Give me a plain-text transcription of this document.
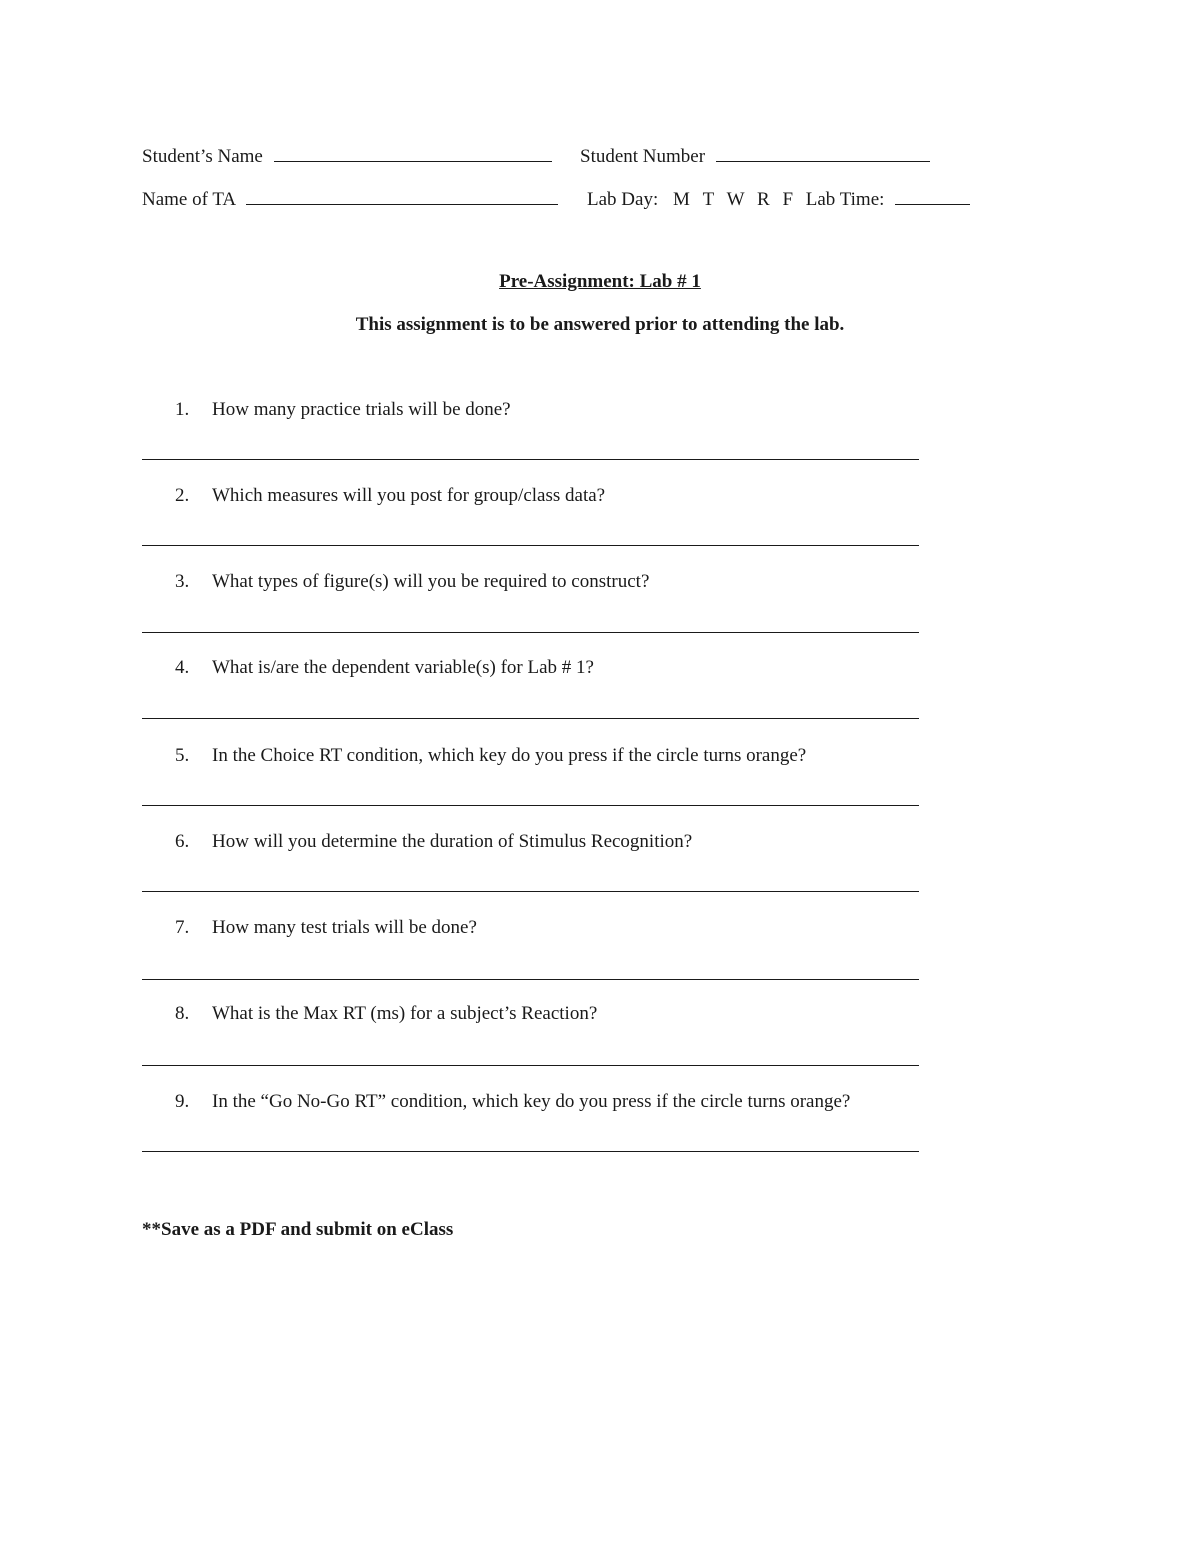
Student’s Name	Student Number
Name of TA	Lab Day: M T W R F Lab Time:
Pre-Assignment: Lab # 1
This assignment is to be answered prior to attending the lab.
1. How many practice trials will be done?
2. Which measures will you post for group/class data?
3. What types of figure(s) will you be required to construct?
4. What is/are the dependent variable(s) for Lab # 1?
5. In the Choice RT condition, which key do you press if the circle turns orange?
6. How will you determine the duration of Stimulus Recognition?
7. How many test trials will be done?
8. What is the Max RT (ms) for a subject’s Reaction?
9. In the “Go No-Go RT” condition, which key do you press if the circle turns orange?
**Save as a PDF and submit on eClass
